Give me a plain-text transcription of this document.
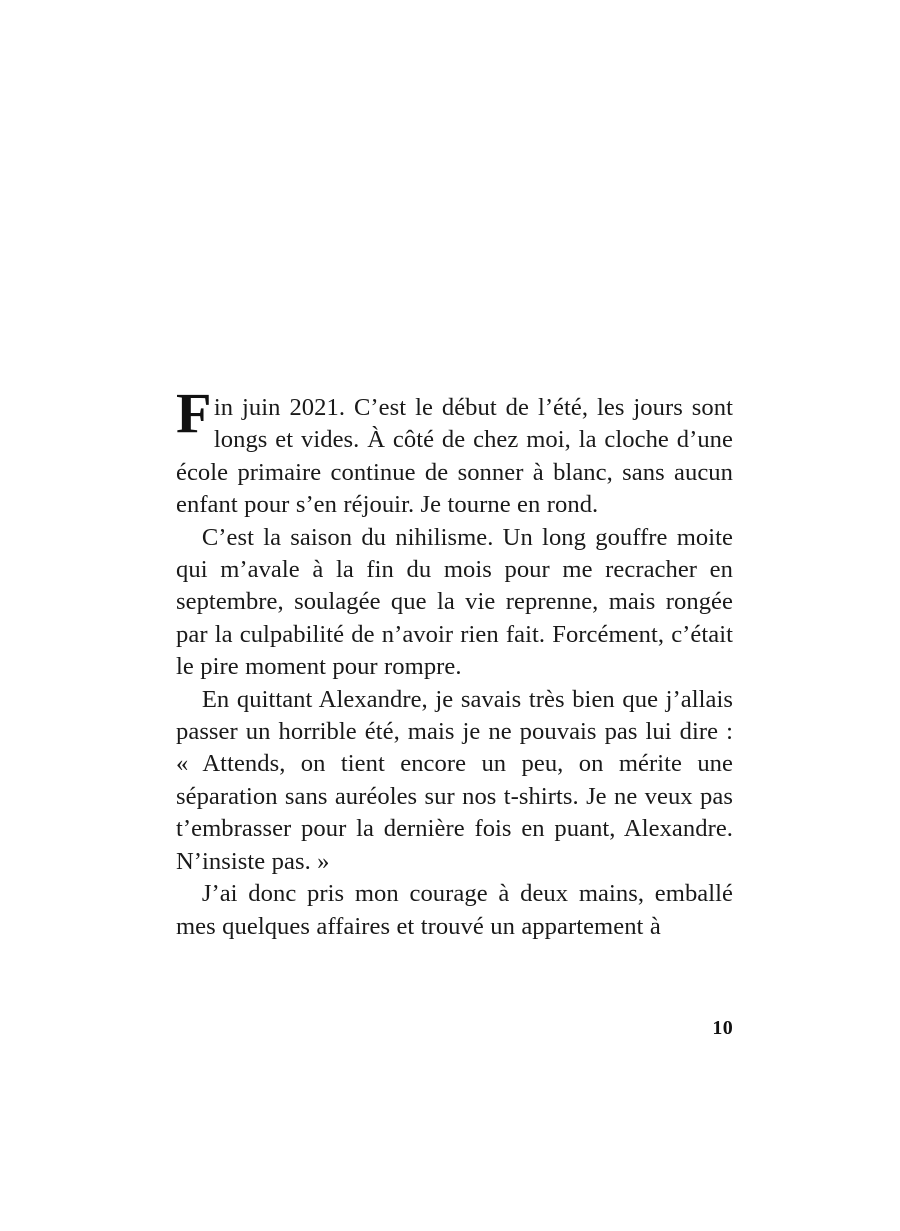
Fin juin 2021. C’est le début de l’été, les jours sont longs et vides. À côté de chez moi, la cloche d’une école primaire continue de sonner à blanc, sans aucun enfant pour s’en réjouir. Je tourne en rond.

C’est la saison du nihilisme. Un long gouffre moite qui m’avale à la fin du mois pour me recracher en septembre, soulagée que la vie reprenne, mais rongée par la culpabilité de n’avoir rien fait. Forcément, c’était le pire moment pour rompre.

En quittant Alexandre, je savais très bien que j’allais passer un horrible été, mais je ne pouvais pas lui dire : « Attends, on tient encore un peu, on mérite une séparation sans auréoles sur nos t-shirts. Je ne veux pas t’embrasser pour la dernière fois en puant, Alexandre. N’insiste pas. »

J’ai donc pris mon courage à deux mains, emballé mes quelques affaires et trouvé un appartement à

10
